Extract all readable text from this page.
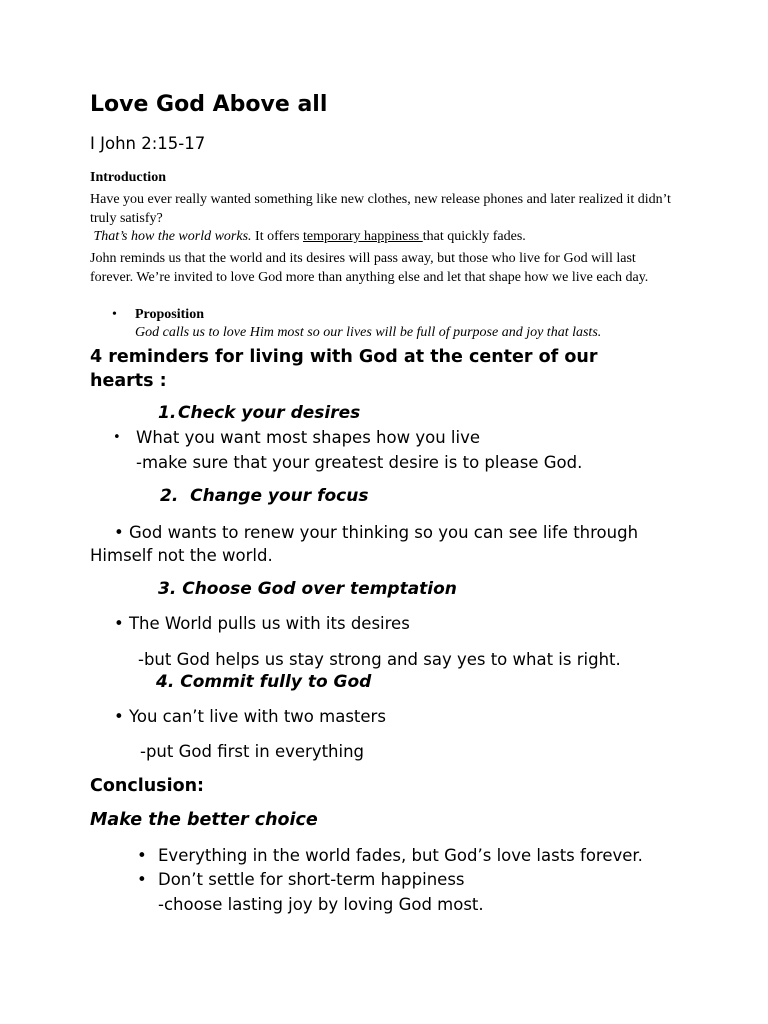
Love God Above all
I John 2:15-17
Introduction
Have you ever really wanted something like new clothes, new release phones and later realized it didn’t truly satisfy?
That’s how the world works. It offers temporary happiness that quickly fades.
John reminds us that the world and its desires will pass away, but those who live for God will last forever. We’re invited to love God more than anything else and let that shape how we live each day.
• Proposition
God calls us to love Him most so our lives will be full of purpose and joy that lasts.
4 reminders for living with God at the center of our hearts :
1.  Check your desires
• What you want most shapes how you live
-make sure that your greatest desire is to please God.
2. Change your focus
• God wants to renew your thinking so you can see life through Himself not the world.
3. Choose God over temptation
• The World pulls us with its desires
-but God helps us stay strong and say yes to what is right.
4. Commit fully to God
• You can’t live with two masters
-put God first in everything
Conclusion:
Make the better choice
• Everything in the world fades, but God’s love lasts forever.
• Don’t settle for short-term happiness
-choose lasting joy by loving God most.
